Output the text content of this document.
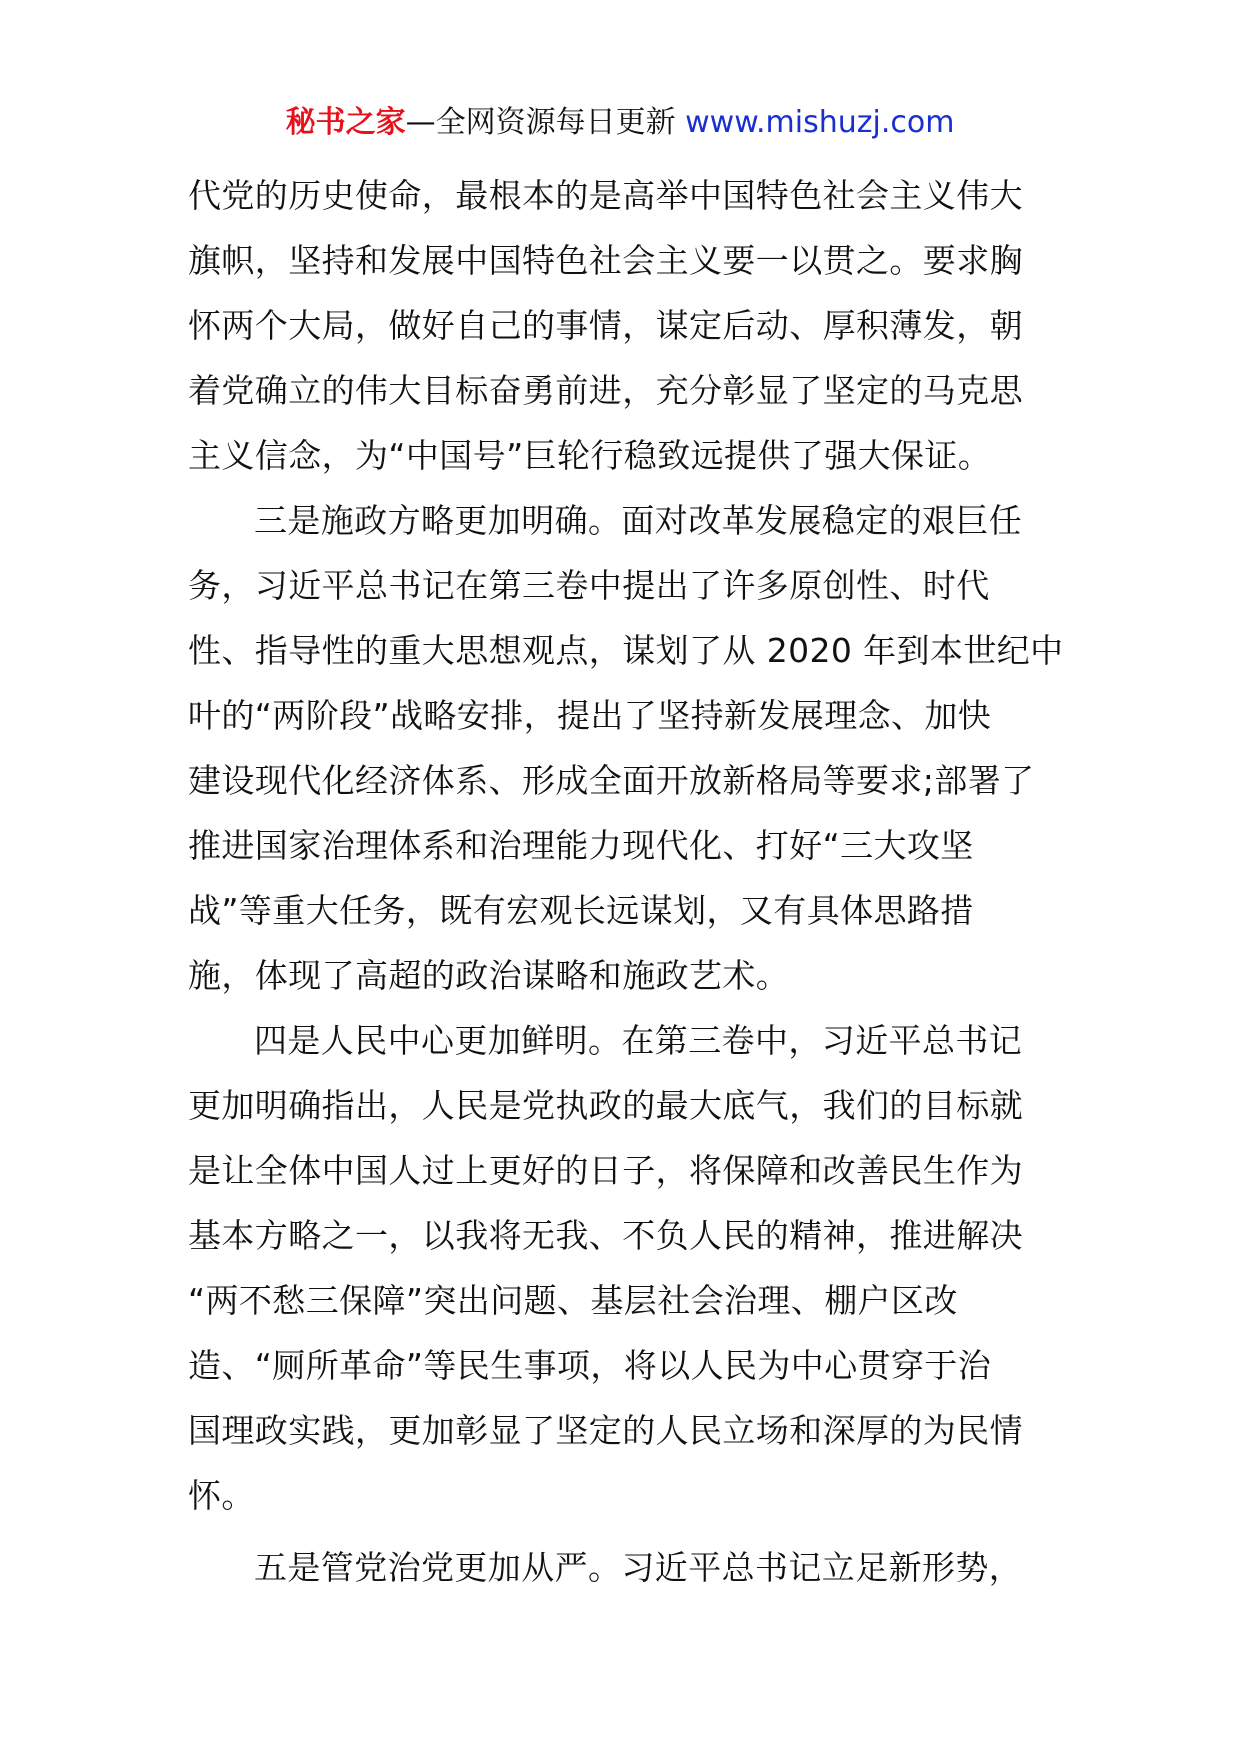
秘书之家—全网资源每日更新 www.mishuzj.com
代党的历史使命，最根本的是高举中国特色社会主义伟大
旗帜，坚持和发展中国特色社会主义要一以贯之。要求胸
怀两个大局，做好自己的事情，谋定后动、厚积薄发，朝
着党确立的伟大目标奋勇前进，充分彰显了坚定的马克思
主义信念，为“中国号”巨轮行稳致远提供了强大保证。
三是施政方略更加明确。面对改革发展稳定的艰巨任
务，习近平总书记在第三卷中提出了许多原创性、时代
性、指导性的重大思想观点，谋划了从 2020 年到本世纪中
叶的“两阶段”战略安排，提出了坚持新发展理念、加快
建设现代化经济体系、形成全面开放新格局等要求;部署了
推进国家治理体系和治理能力现代化、打好“三大攻坚
战”等重大任务，既有宏观长远谋划，又有具体思路措
施，体现了高超的政治谋略和施政艺术。
四是人民中心更加鲜明。在第三卷中，习近平总书记
更加明确指出，人民是党执政的最大底气，我们的目标就
是让全体中国人过上更好的日子，将保障和改善民生作为
基本方略之一，以我将无我、不负人民的精神，推进解决
“两不愁三保障”突出问题、基层社会治理、棚户区改
造、“厕所革命”等民生事项，将以人民为中心贯穿于治
国理政实践，更加彰显了坚定的人民立场和深厚的为民情
怀。
五是管党治党更加从严。习近平总书记立足新形势，
